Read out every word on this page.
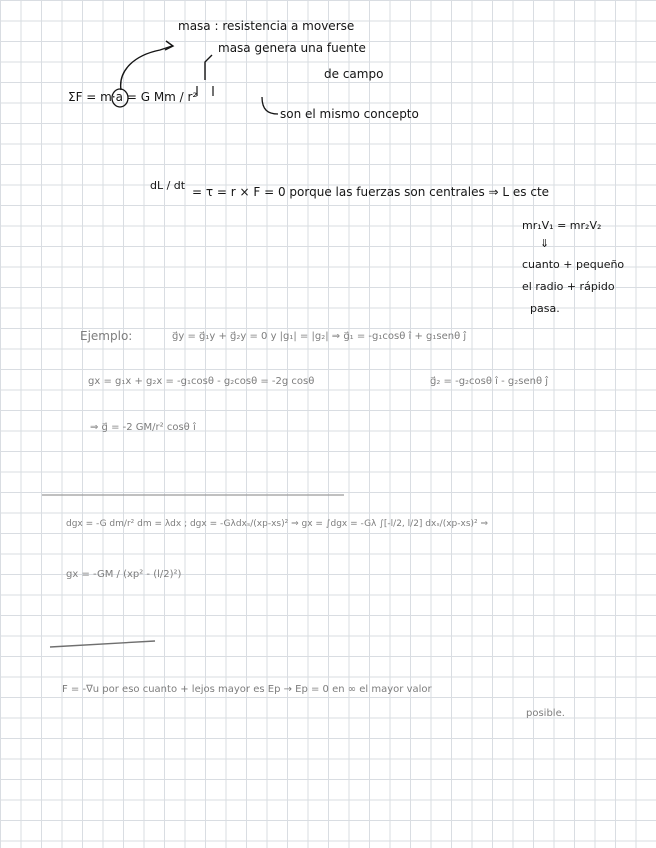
masa : resistencia a moverse
masa genera una fuente
de campo
ΣF = m·a = G Mm / r²
son el mismo concepto
dL / dt = τ = r × F = 0 porque las fuerzas son centrales ⇒ L es cte
mr₁V₁ = mr₂V₂
⇓
cuanto + pequeño
el radio + rápido
pasa.
Ejemplo:	g⃗y = g⃗₁y + g⃗₂y = 0 y |g₁| = |g₂| ⇒ g⃗₁ = -g₁cosθ î + g₁senθ ĵ
gx = g₁x + g₂x = -g₁cosθ - g₂cosθ = -2g cosθ	g⃗₂ = -g₂cosθ î - g₂senθ ĵ
⇒ g⃗ = -2 GM/r² cosθ î
dgx = -G dm/r² dm = λdx ; dgx = -Gλdxₛ/(xp-xs)² ⇒ gx = ∫dgx = -Gλ ∫[-l/2, l/2] dxₛ/(xp-xs)² ⇒
gx = -GM / (xp² - (l/2)²)
F = -∇u por eso cuanto + lejos mayor es Ep → Ep = 0 en ∞ el mayor valor
posible.
